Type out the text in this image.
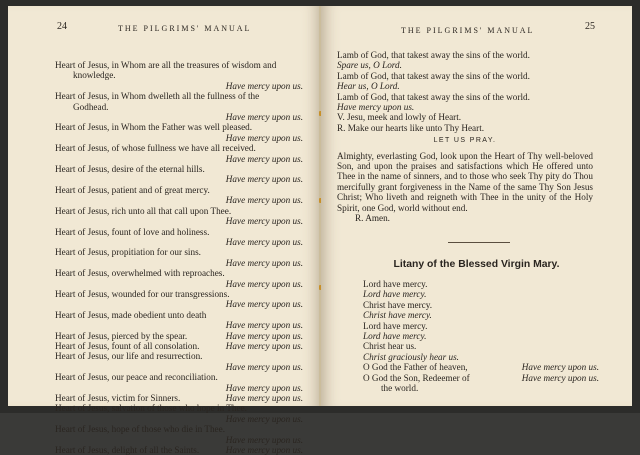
24	THE PILGRIMS' MANUAL
Heart of Jesus, in Whom are all the treasures of wisdom and
knowledge.
Have mercy upon us.
Heart of Jesus, in Whom dwelleth all the fullness of the
Godhead.
Have mercy upon us.
Heart of Jesus, in Whom the Father was well pleased.
Have mercy upon us.
Heart of Jesus, of whose fullness we have all received.
Have mercy upon us.
Heart of Jesus, desire of the eternal hills.
Have mercy upon us.
Heart of Jesus, patient and of great mercy.
Have mercy upon us.
Heart of Jesus, rich unto all that call upon Thee.
Have mercy upon us.
Heart of Jesus, fount of love and holiness.
Have mercy upon us.
Heart of Jesus, propitiation for our sins.
Have mercy upon us.
Heart of Jesus, overwhelmed with reproaches.
Have mercy upon us.
Heart of Jesus, wounded for our transgressions.
Have mercy upon us.
Heart of Jesus, made obedient unto death
Have mercy upon us.
Heart of Jesus, pierced by the spear.	Have mercy upon us.
Heart of Jesus, fount of all consolation.	Have mercy upon us.
Heart of Jesus, our life and resurrection.
Have mercy upon us.
Heart of Jesus, our peace and reconciliation.
Have mercy upon us.
Heart of Jesus, victim for Sinners.	Have mercy upon us.
Heart of Jesus, salvation of those who hope in Thee.
Have mercy upon us.
Heart of Jesus, hope of those who die in Thee.
Have mercy upon us.
Heart of Jesus, delight of all the Saints.	Have mercy upon us.
THE PILGRIMS' MANUAL	25
Lamb of God, that takest away the sins of the world.
Spare us, O Lord.
Lamb of God, that takest away the sins of the world.
Hear us, O Lord.
Lamb of God, that takest away the sins of the world.
Have mercy upon us.
V. Jesu, meek and lowly of Heart.
R. Make our hearts like unto Thy Heart.
LET US PRAY.
Almighty, everlasting God, look upon the Heart of Thy well-beloved Son, and upon the praises and satisfactions which He offered unto Thee in the name of sinners, and to those who seek Thy pity do Thou mercifully grant forgiveness in the Name of the same Thy Son Jesus Christ; Who liveth and reigneth with Thee in the unity of the Holy Spirit, one God, world without end.
R. Amen.
Litany of the Blessed Virgin Mary.
Lord have mercy.
Lord have mercy.
Christ have mercy.
Christ have mercy.
Lord have mercy.
Lord have mercy.
Christ hear us.
Christ graciously hear us.
O God the Father of heaven,	Have mercy upon us.
O God the Son, Redeemer of	Have mercy upon us.
the world.
